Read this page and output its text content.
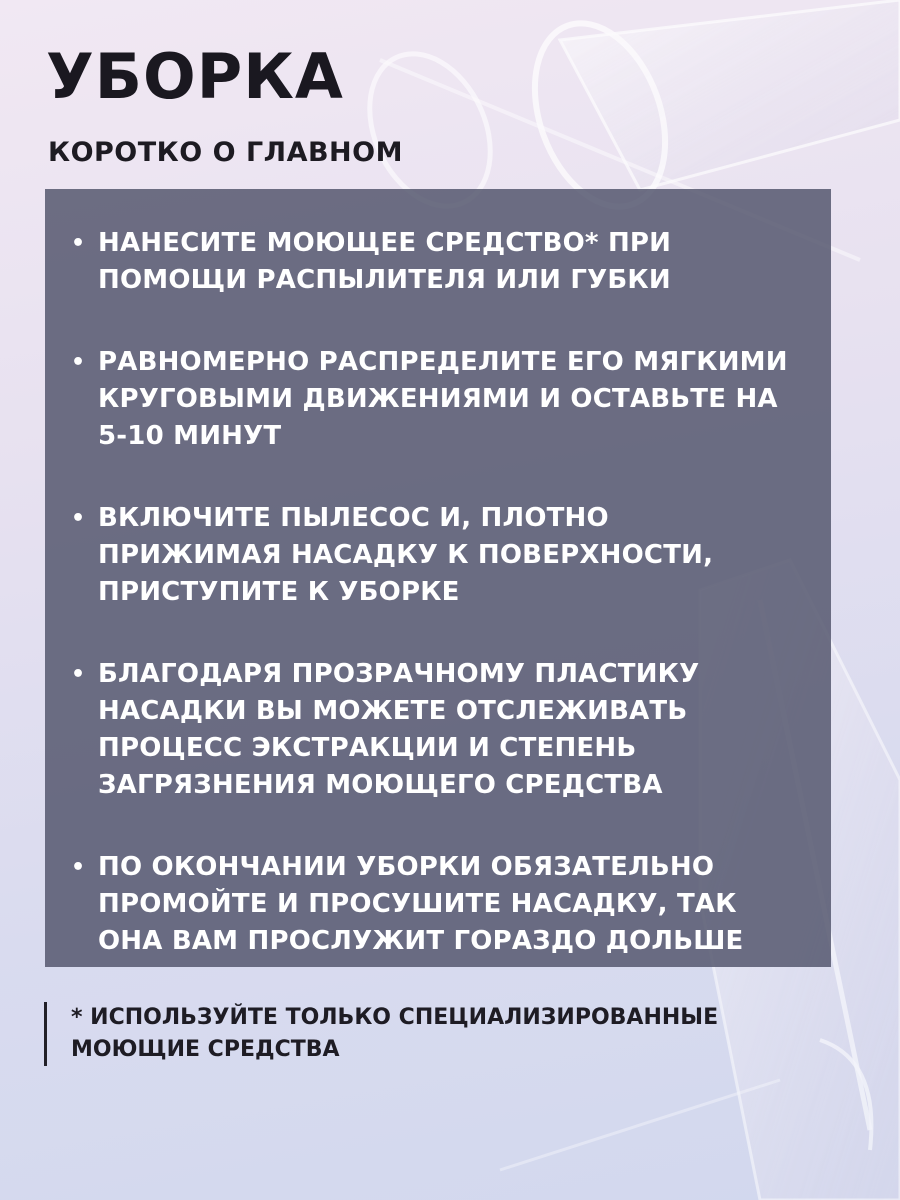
УБОРКА
КОРОТКО О ГЛАВНОМ
• НАНЕСИТЕ МОЮЩЕЕ СРЕДСТВО* ПРИ ПОМОЩИ РАСПЫЛИТЕЛЯ ИЛИ ГУБКИ
• РАВНОМЕРНО РАСПРЕДЕЛИТЕ ЕГО МЯГКИМИ КРУГОВЫМИ ДВИЖЕНИЯМИ И ОСТАВЬТЕ НА 5-10 МИНУТ
• ВКЛЮЧИТЕ ПЫЛЕСОС И, ПЛОТНО ПРИЖИМАЯ НАСАДКУ К ПОВЕРХНОСТИ, ПРИСТУПИТЕ К УБОРКЕ
• БЛАГОДАРЯ ПРОЗРАЧНОМУ ПЛАСТИКУ НАСАДКИ ВЫ МОЖЕТЕ ОТСЛЕЖИВАТЬ ПРОЦЕСС ЭКСТРАКЦИИ И СТЕПЕНЬ ЗАГРЯЗНЕНИЯ МОЮЩЕГО СРЕДСТВА
• ПО ОКОНЧАНИИ УБОРКИ ОБЯЗАТЕЛЬНО ПРОМОЙТЕ И ПРОСУШИТЕ НАСАДКУ, ТАК ОНА ВАМ ПРОСЛУЖИТ ГОРАЗДО ДОЛЬШЕ
* ИСПОЛЬЗУЙТЕ ТОЛЬКО СПЕЦИАЛИЗИРОВАННЫЕ МОЮЩИЕ СРЕДСТВА
